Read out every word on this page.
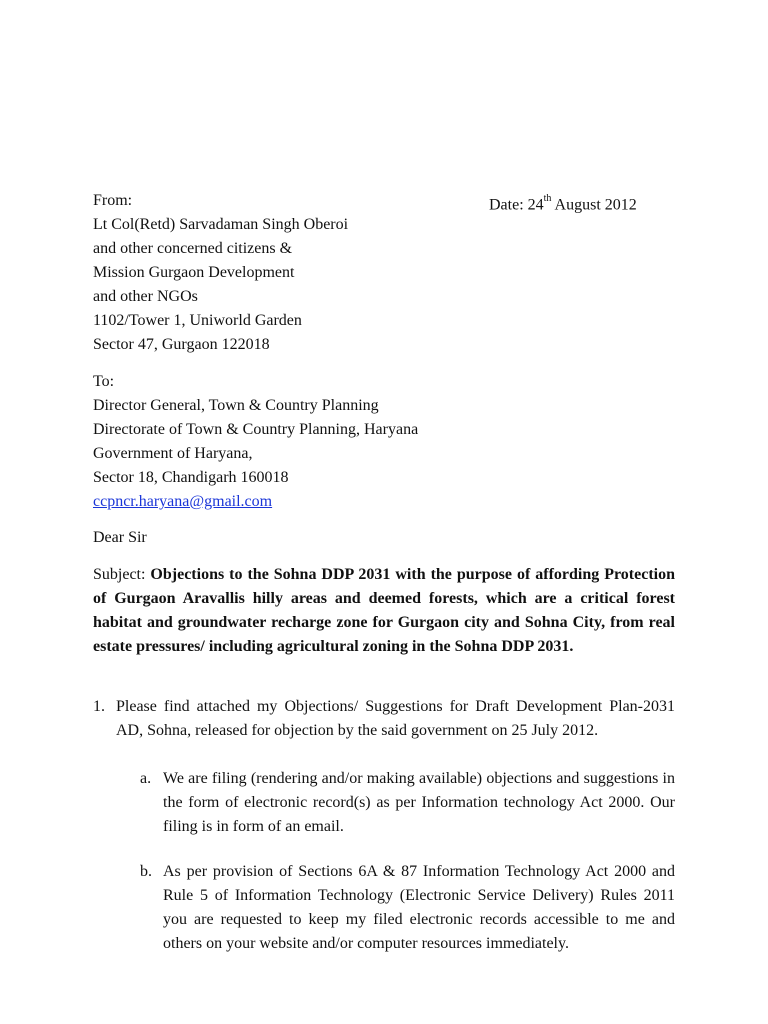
From:
Lt Col(Retd) Sarvadaman Singh Oberoi
and other concerned citizens &
Mission Gurgaon Development
and other NGOs
1102/Tower 1, Uniworld Garden
Sector 47, Gurgaon 122018
Date: 24th August 2012
To:
Director General, Town & Country Planning
Directorate of Town & Country Planning, Haryana
Government of Haryana,
Sector 18, Chandigarh 160018
ccpncr.haryana@gmail.com
Dear Sir
Subject: Objections to the Sohna DDP 2031 with the purpose of affording Protection of Gurgaon Aravallis hilly areas and deemed forests, which are a critical forest habitat and groundwater recharge zone for Gurgaon city and Sohna City, from real estate pressures/ including agricultural zoning in the Sohna DDP 2031.
1. Please find attached my Objections/ Suggestions for Draft Development Plan-2031 AD, Sohna, released for objection by the said government on 25 July 2012.
a. We are filing (rendering and/or making available) objections and suggestions in the form of electronic record(s) as per Information technology Act 2000. Our filing is in form of an email.
b. As per provision of Sections 6A & 87 Information Technology Act 2000 and Rule 5 of Information Technology (Electronic Service Delivery) Rules 2011 you are requested to keep my filed electronic records accessible to me and others on your website and/or computer resources immediately.
